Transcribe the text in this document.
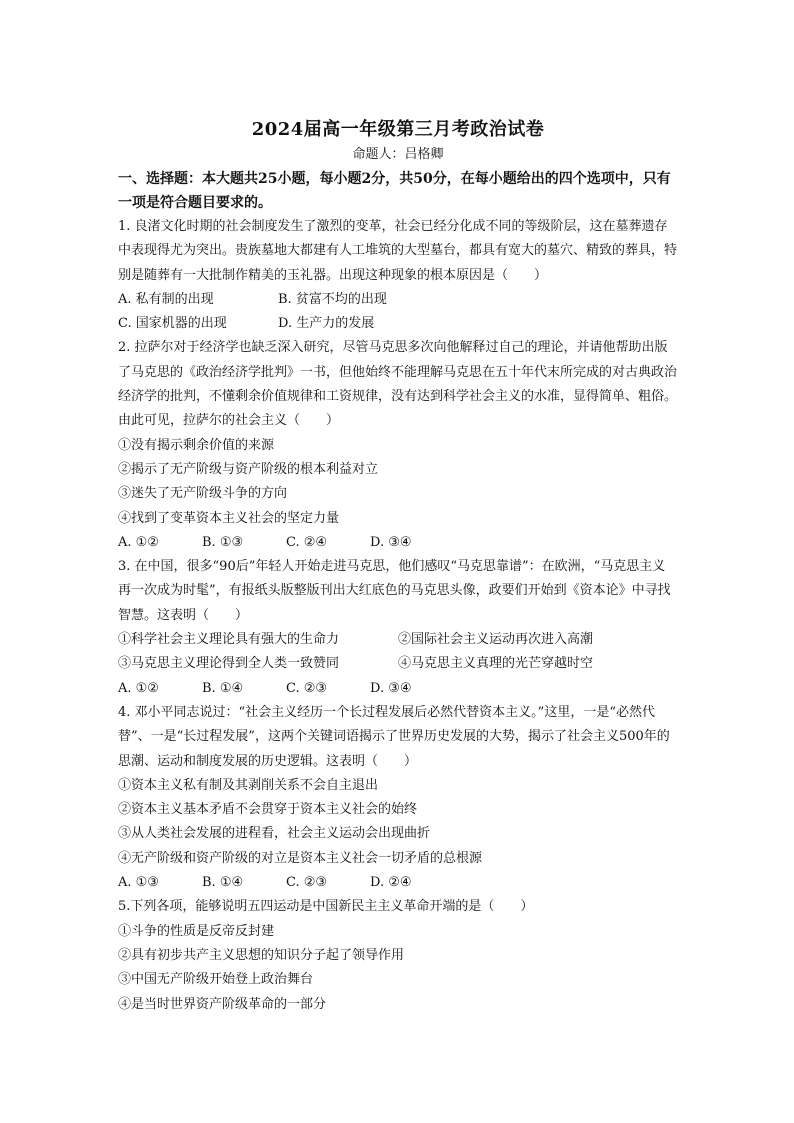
2024届高一年级第三月考政治试卷

命题人：吕格卿

一、选择题：本大题共25小题，每小题2分，共50分，在每小题给出的四个选项中，只有一项是符合题目要求的。

1. 良渚文化时期的社会制度发生了激烈的变革，社会已经分化成不同的等级阶层，这在墓葬遗存中表现得尤为突出。贵族墓地大都建有人工堆筑的大型墓台，都具有宽大的墓穴、精致的葬具，特别是随葬有一大批制作精美的玉礼器。出现这种现象的根本原因是（　　）

A. 私有制的出现	B. 贫富不均的出现
C. 国家机器的出现	D. 生产力的发展

2. 拉萨尔对于经济学也缺乏深入研究，尽管马克思多次向他解释过自己的理论，并请他帮助出版了马克思的《政治经济学批判》一书，但他始终不能理解马克思在五十年代末所完成的对古典政治经济学的批判，不懂剩余价值规律和工资规律，没有达到科学社会主义的水准，显得简单、粗俗。由此可见，拉萨尔的社会主义（　　）

①没有揭示剩余价值的来源

②揭示了无产阶级与资产阶级的根本利益对立

③迷失了无产阶级斗争的方向

④找到了变革资本主义社会的坚定力量

A. ①②	B. ①③	C. ②④	D. ③④

3. 在中国，很多“90后”年轻人开始走进马克思，他们感叹“马克思靠谱”：在欧洲，“马克思主义再一次成为时髦”，有报纸头版整版刊出大红底色的马克思头像，政要们开始到《资本论》中寻找智慧。这表明（　　）

①科学社会主义理论具有强大的生命力	②国际社会主义运动再次进入高潮
③马克思主义理论得到全人类一致赞同	④马克思主义真理的光芒穿越时空
A. ①②	B. ①④	C. ②③	D. ③④

4. 邓小平同志说过：“社会主义经历一个长过程发展后必然代替资本主义。”这里，一是“必然代替”、一是“长过程发展”，这两个关键词语揭示了世界历史发展的大势，揭示了社会主义500年的思潮、运动和制度发展的历史逻辑。这表明（　　）

①资本主义私有制及其剥削关系不会自主退出

②资本主义基本矛盾不会贯穿于资本主义社会的始终

③从人类社会发展的进程看，社会主义运动会出现曲折

④无产阶级和资产阶级的对立是资本主义社会一切矛盾的总根源

A. ①③	B. ①④	C. ②③	D. ②④

5.下列各项，能够说明五四运动是中国新民主主义革命开端的是（　　）

①斗争的性质是反帝反封建

②具有初步共产主义思想的知识分子起了领导作用

③中国无产阶级开始登上政治舞台

④是当时世界资产阶级革命的一部分
